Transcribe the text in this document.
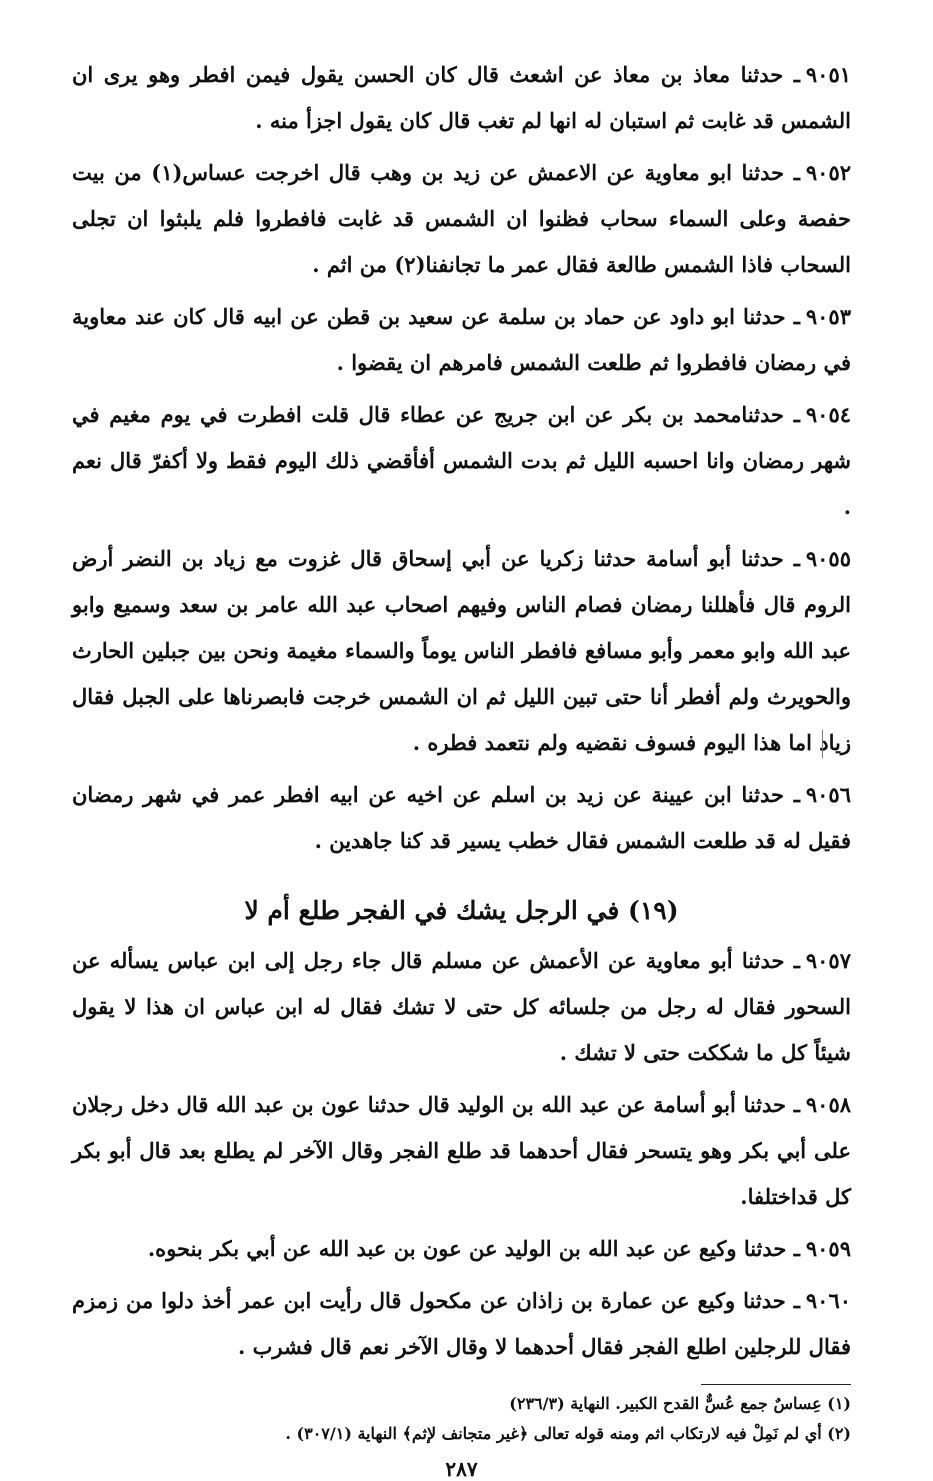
٩٠٥١ـ حدثنا معاذ بن معاذ عن اشعث قال كان الحسن يقول فيمن افطر وهو يرى ان الشمس قد غابت ثم استبان له انها لم تغب قال كان يقول اجزأ منه .

٩٠٥٢ـ حدثنا ابو معاوية عن الاعمش عن زيد بن وهب قال اخرجت عساس(١) من بيت حفصة وعلى السماء سحاب فظنوا ان الشمس قد غابت فافطروا فلم يلبثوا ان تجلى السحاب فاذا الشمس طالعة فقال عمر ما تجانفنا(٢) من اثم .

٩٠٥٣ـ حدثنا ابو داود عن حماد بن سلمة عن سعيد بن قطن عن ابيه قال كان عند معاوية في رمضان فافطروا ثم طلعت الشمس فامرهم ان يقضوا .

٩٠٥٤ـ حدثنامحمد بن بكر عن ابن جريج عن عطاء قال قلت افطرت في يوم مغيم في شهر رمضان وانا احسبه الليل ثم بدت الشمس أفأقضي ذلك اليوم فقط ولا أكفرّ قال نعم .

٩٠٥٥ـ حدثنا أبو أسامة حدثنا زكريا عن أبي إسحاق قال غزوت مع زياد بن النضر أرض الروم قال فأهللنا رمضان فصام الناس وفيهم اصحاب عبد الله عامر بن سعد وسميع وابو عبد الله وابو معمر وأبو مسافع فافطر الناس يوماً والسماء مغيمة ونحن بين جبلين الحارث والحويرث ولم أفطر أنا حتى تبين الليل ثم ان الشمس خرجت فابصرناها على الجبل فقال زياد اما هذا اليوم فسوف نقضيه ولم نتعمد فطره .

٩٠٥٦ـ حدثنا ابن عيينة عن زيد بن اسلم عن اخيه عن ابيه افطر عمر في شهر رمضان فقيل له قد طلعت الشمس فقال خطب يسير قد كنا جاهدين .

(١٩) في الرجل يشك في الفجر طلع أم لا

٩٠٥٧ـ حدثنا أبو معاوية عن الأعمش عن مسلم قال جاء رجل إلى ابن عباس يسأله عن السحور فقال له رجل من جلسائه كل حتى لا تشك فقال له ابن عباس ان هذا لا يقول شيئاً كل ما شككت حتى لا تشك .

٩٠٥٨ـ حدثنا أبو أسامة عن عبد الله بن الوليد قال حدثنا عون بن عبد الله قال دخل رجلان على أبي بكر وهو يتسحر فقال أحدهما قد طلع الفجر وقال الآخر لم يطلع بعد قال أبو بكر كل قداختلفا.

٩٠٥٩ـ حدثنا وكيع عن عبد الله بن الوليد عن عون بن عبد الله عن أبي بكر بنحوه.

٩٠٦٠ـ حدثنا وكيع عن عمارة بن زاذان عن مكحول قال رأيت ابن عمر أخذ دلوا من زمزم فقال للرجلين اطلع الفجر فقال أحدهما لا وقال الآخر نعم قال فشرب .

(١) عِساسٌ جمع عُسٌّ القدح الكبير. النهاية (٢٣٦/٣)
(٢) أي لم نَمِلْ فيه لارتكاب اثم ومنه قوله تعالى ﴿غير متجانف لإثم﴾ النهاية (٣٠٧/١) .
٢٨٧
